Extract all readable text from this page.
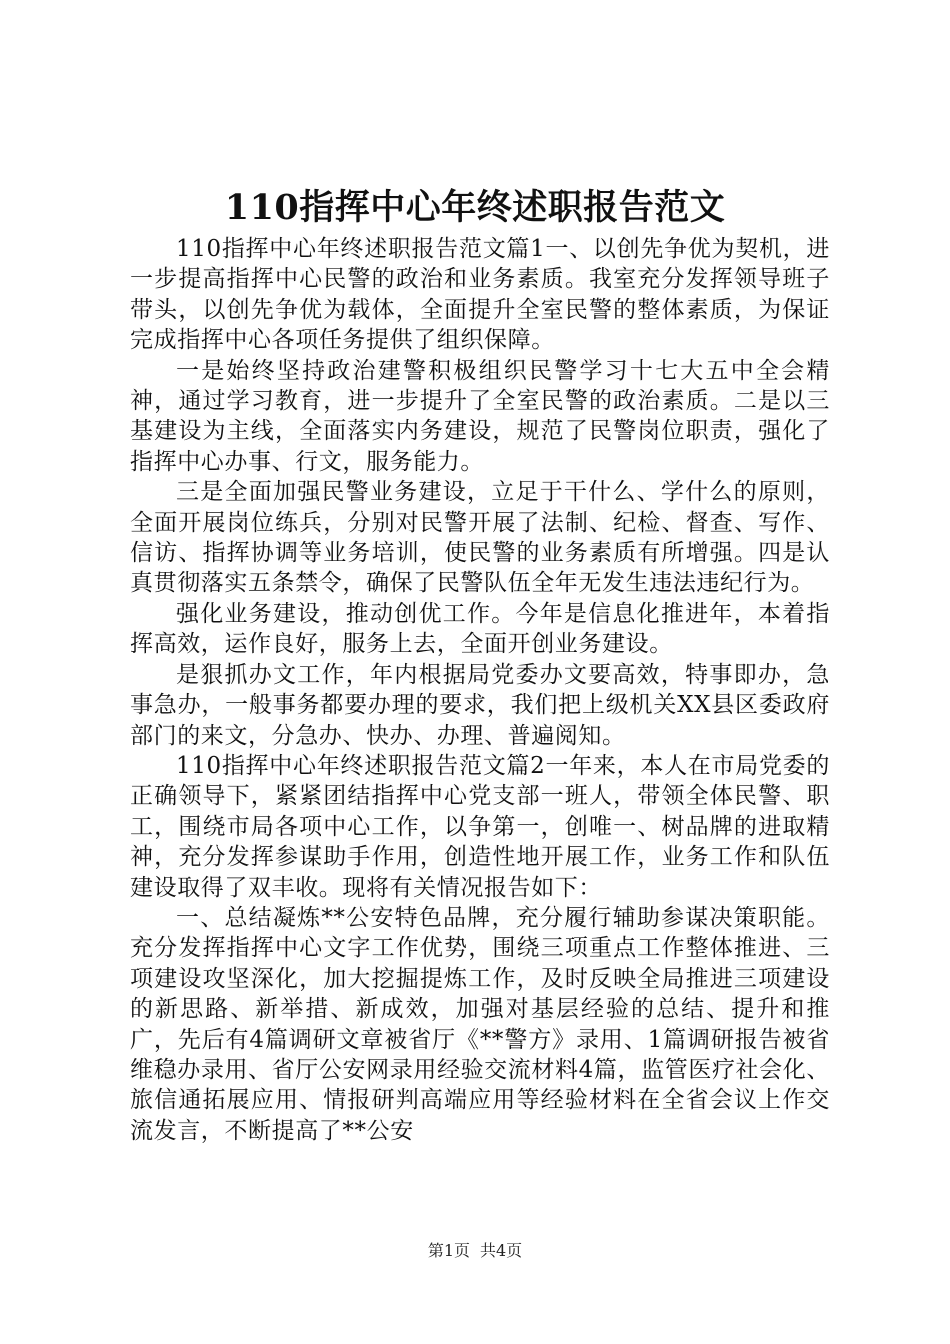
110指挥中心年终述职报告范文

110指挥中心年终述职报告范文篇1一、以创先争优为契机，进一步提高指挥中心民警的政治和业务素质。我室充分发挥领导班子带头，以创先争优为载体，全面提升全室民警的整体素质，为保证完成指挥中心各项任务提供了组织保障。

一是始终坚持政治建警积极组织民警学习十七大五中全会精神，通过学习教育，进一步提升了全室民警的政治素质。二是以三基建设为主线，全面落实内务建设，规范了民警岗位职责，强化了指挥中心办事、行文，服务能力。

三是全面加强民警业务建设，立足于干什么、学什么的原则，全面开展岗位练兵，分别对民警开展了法制、纪检、督查、写作、信访、指挥协调等业务培训，使民警的业务素质有所增强。四是认真贯彻落实五条禁令，确保了民警队伍全年无发生违法违纪行为。

强化业务建设，推动创优工作。今年是信息化推进年，本着指挥高效，运作良好，服务上去，全面开创业务建设。

是狠抓办文工作，年内根据局党委办文要高效，特事即办，急事急办，一般事务都要办理的要求，我们把上级机关XX县区委政府部门的来文，分急办、快办、办理、普遍阅知。

110指挥中心年终述职报告范文篇2一年来，本人在市局党委的正确领导下，紧紧团结指挥中心党支部一班人，带领全体民警、职工，围绕市局各项中心工作，以争第一，创唯一、树品牌的进取精神，充分发挥参谋助手作用，创造性地开展工作，业务工作和队伍建设取得了双丰收。现将有关情况报告如下：

一、总结凝炼**公安特色品牌，充分履行辅助参谋决策职能。充分发挥指挥中心文字工作优势，围绕三项重点工作整体推进、三项建设攻坚深化，加大挖掘提炼工作，及时反映全局推进三项建设的新思路、新举措、新成效，加强对基层经验的总结、提升和推广，先后有4篇调研文章被省厅《**警方》录用、1篇调研报告被省维稳办录用、省厅公安网录用经验交流材料4篇，监管医疗社会化、旅信通拓展应用、情报研判高端应用等经验材料在全省会议上作交流发言，不断提高了**公安

第1页 共4页
